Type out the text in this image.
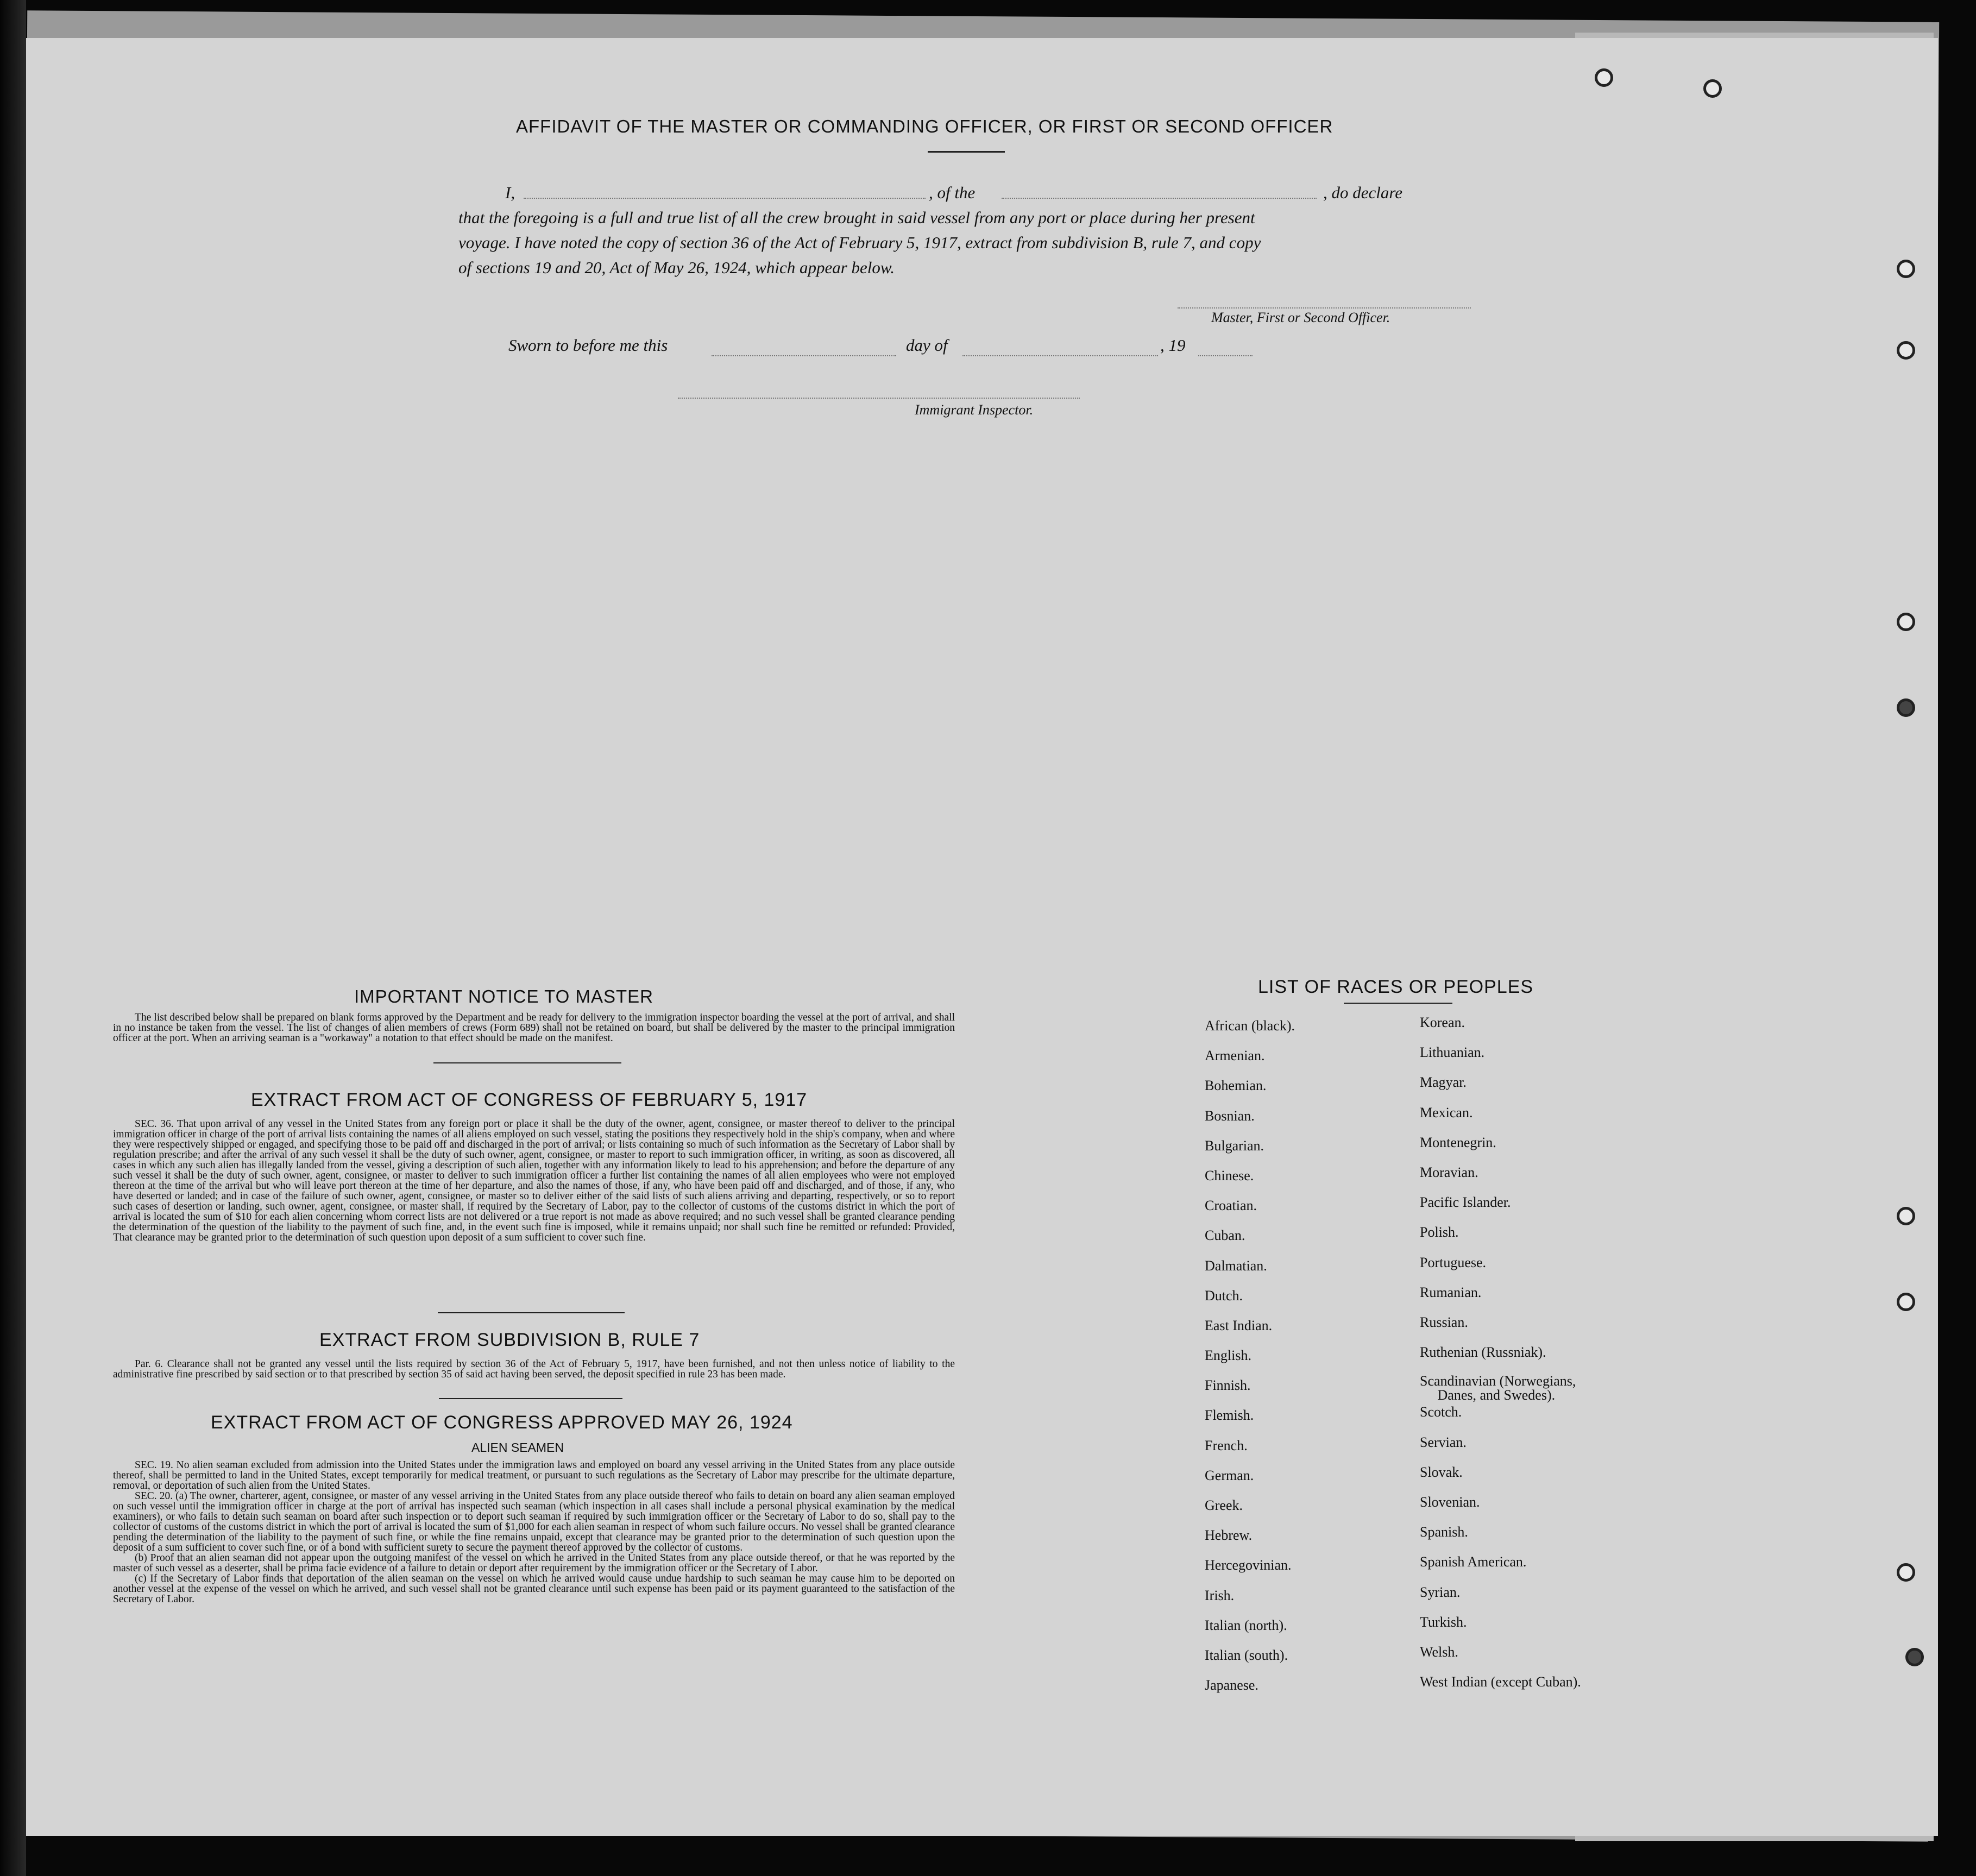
AFFIDAVIT OF THE MASTER OR COMMANDING OFFICER, OR FIRST OR SECOND OFFICER
I,	, of the	, do declare
that the foregoing is a full and true list of all the crew brought in said vessel from any port or place during her present
voyage. I have noted the copy of section 36 of the Act of February 5, 1917, extract from subdivision B, rule 7, and copy
of sections 19 and 20, Act of May 26, 1924, which appear below.
Master, First or Second Officer.
Sworn to before me this	day of	, 19
Immigrant Inspector.
IMPORTANT NOTICE TO MASTER

The list described below shall be prepared on blank forms approved by the Department and be ready for delivery to the immigration inspector boarding the vessel at the port of arrival, and shall in no instance be taken from the vessel. The list of changes of alien members of crews (Form 689) shall not be retained on board, but shall be delivered by the master to the principal immigration officer at the port. When an arriving seaman is a "workaway" a notation to that effect should be made on the manifest.

EXTRACT FROM ACT OF CONGRESS OF FEBRUARY 5, 1917

SEC. 36. That upon arrival of any vessel in the United States from any foreign port or place it shall be the duty of the owner, agent, consignee, or master thereof to deliver to the principal immigration officer in charge of the port of arrival lists containing the names of all aliens employed on such vessel, stating the positions they respectively hold in the ship's company, when and where they were respectively shipped or engaged, and specifying those to be paid off and discharged in the port of arrival; or lists containing so much of such information as the Secretary of Labor shall by regulation prescribe; and after the arrival of any such vessel it shall be the duty of such owner, agent, consignee, or master to report to such immigration officer, in writing, as soon as discovered, all cases in which any such alien has illegally landed from the vessel, giving a description of such alien, together with any information likely to lead to his apprehension; and before the departure of any such vessel it shall be the duty of such owner, agent, consignee, or master to deliver to such immigration officer a further list containing the names of all alien employees who were not employed thereon at the time of the arrival but who will leave port thereon at the time of her departure, and also the names of those, if any, who have been paid off and discharged, and of those, if any, who have deserted or landed; and in case of the failure of such owner, agent, consignee, or master so to deliver either of the said lists of such aliens arriving and departing, respectively, or so to report such cases of desertion or landing, such owner, agent, consignee, or master shall, if required by the Secretary of Labor, pay to the collector of customs of the customs district in which the port of arrival is located the sum of $10 for each alien concerning whom correct lists are not delivered or a true report is not made as above required; and no such vessel shall be granted clearance pending the determination of the question of the liability to the payment of such fine, and, in the event such fine is imposed, while it remains unpaid; nor shall such fine be remitted or refunded: Provided, That clearance may be granted prior to the determination of such question upon deposit of a sum sufficient to cover such fine.

EXTRACT FROM SUBDIVISION B, RULE 7

Par. 6. Clearance shall not be granted any vessel until the lists required by section 36 of the Act of February 5, 1917, have been furnished, and not then unless notice of liability to the administrative fine prescribed by said section or to that prescribed by section 35 of said act having been served, the deposit specified in rule 23 has been made.

EXTRACT FROM ACT OF CONGRESS APPROVED MAY 26, 1924
ALIEN SEAMEN

SEC. 19. No alien seaman excluded from admission into the United States under the immigration laws and employed on board any vessel arriving in the United States from any place outside thereof, shall be permitted to land in the United States, except temporarily for medical treatment, or pursuant to such regulations as the Secretary of Labor may prescribe for the ultimate departure, removal, or deportation of such alien from the United States.

SEC. 20. (a) The owner, charterer, agent, consignee, or master of any vessel arriving in the United States from any place outside thereof who fails to detain on board any alien seaman employed on such vessel until the immigration officer in charge at the port of arrival has inspected such seaman (which inspection in all cases shall include a personal physical examination by the medical examiners), or who fails to detain such seaman on board after such inspection or to deport such seaman if required by such immigration officer or the Secretary of Labor to do so, shall pay to the collector of customs of the customs district in which the port of arrival is located the sum of $1,000 for each alien seaman in respect of whom such failure occurs. No vessel shall be granted clearance pending the determination of the liability to the payment of such fine, or while the fine remains unpaid, except that clearance may be granted prior to the determination of such question upon the deposit of a sum sufficient to cover such fine, or of a bond with sufficient surety to secure the payment thereof approved by the collector of customs.

(b) Proof that an alien seaman did not appear upon the outgoing manifest of the vessel on which he arrived in the United States from any place outside thereof, or that he was reported by the master of such vessel as a deserter, shall be prima facie evidence of a failure to detain or deport after requirement by the immigration officer or the Secretary of Labor.

(c) If the Secretary of Labor finds that deportation of the alien seaman on the vessel on which he arrived would cause undue hardship to such seaman he may cause him to be deported on another vessel at the expense of the vessel on which he arrived, and such vessel shall not be granted clearance until such expense has been paid or its payment guaranteed to the satisfaction of the Secretary of Labor.

LIST OF RACES OR PEOPLES
African (black).
Armenian.
Bohemian.
Bosnian.
Bulgarian.
Chinese.
Croatian.
Cuban.
Dalmatian.
Dutch.
East Indian.
English.
Finnish.
Flemish.
French.
German.
Greek.
Hebrew.
Hercegovinian.
Irish.
Italian (north).
Italian (south).
Japanese.
Korean.
Lithuanian.
Magyar.
Mexican.
Montenegrin.
Moravian.
Pacific Islander.
Polish.
Portuguese.
Rumanian.
Russian.
Ruthenian (Russniak).
Scandinavian (Norwegians,
Danes, and Swedes).
Scotch.
Servian.
Slovak.
Slovenian.
Spanish.
Spanish American.
Syrian.
Turkish.
Welsh.
West Indian (except Cuban).
